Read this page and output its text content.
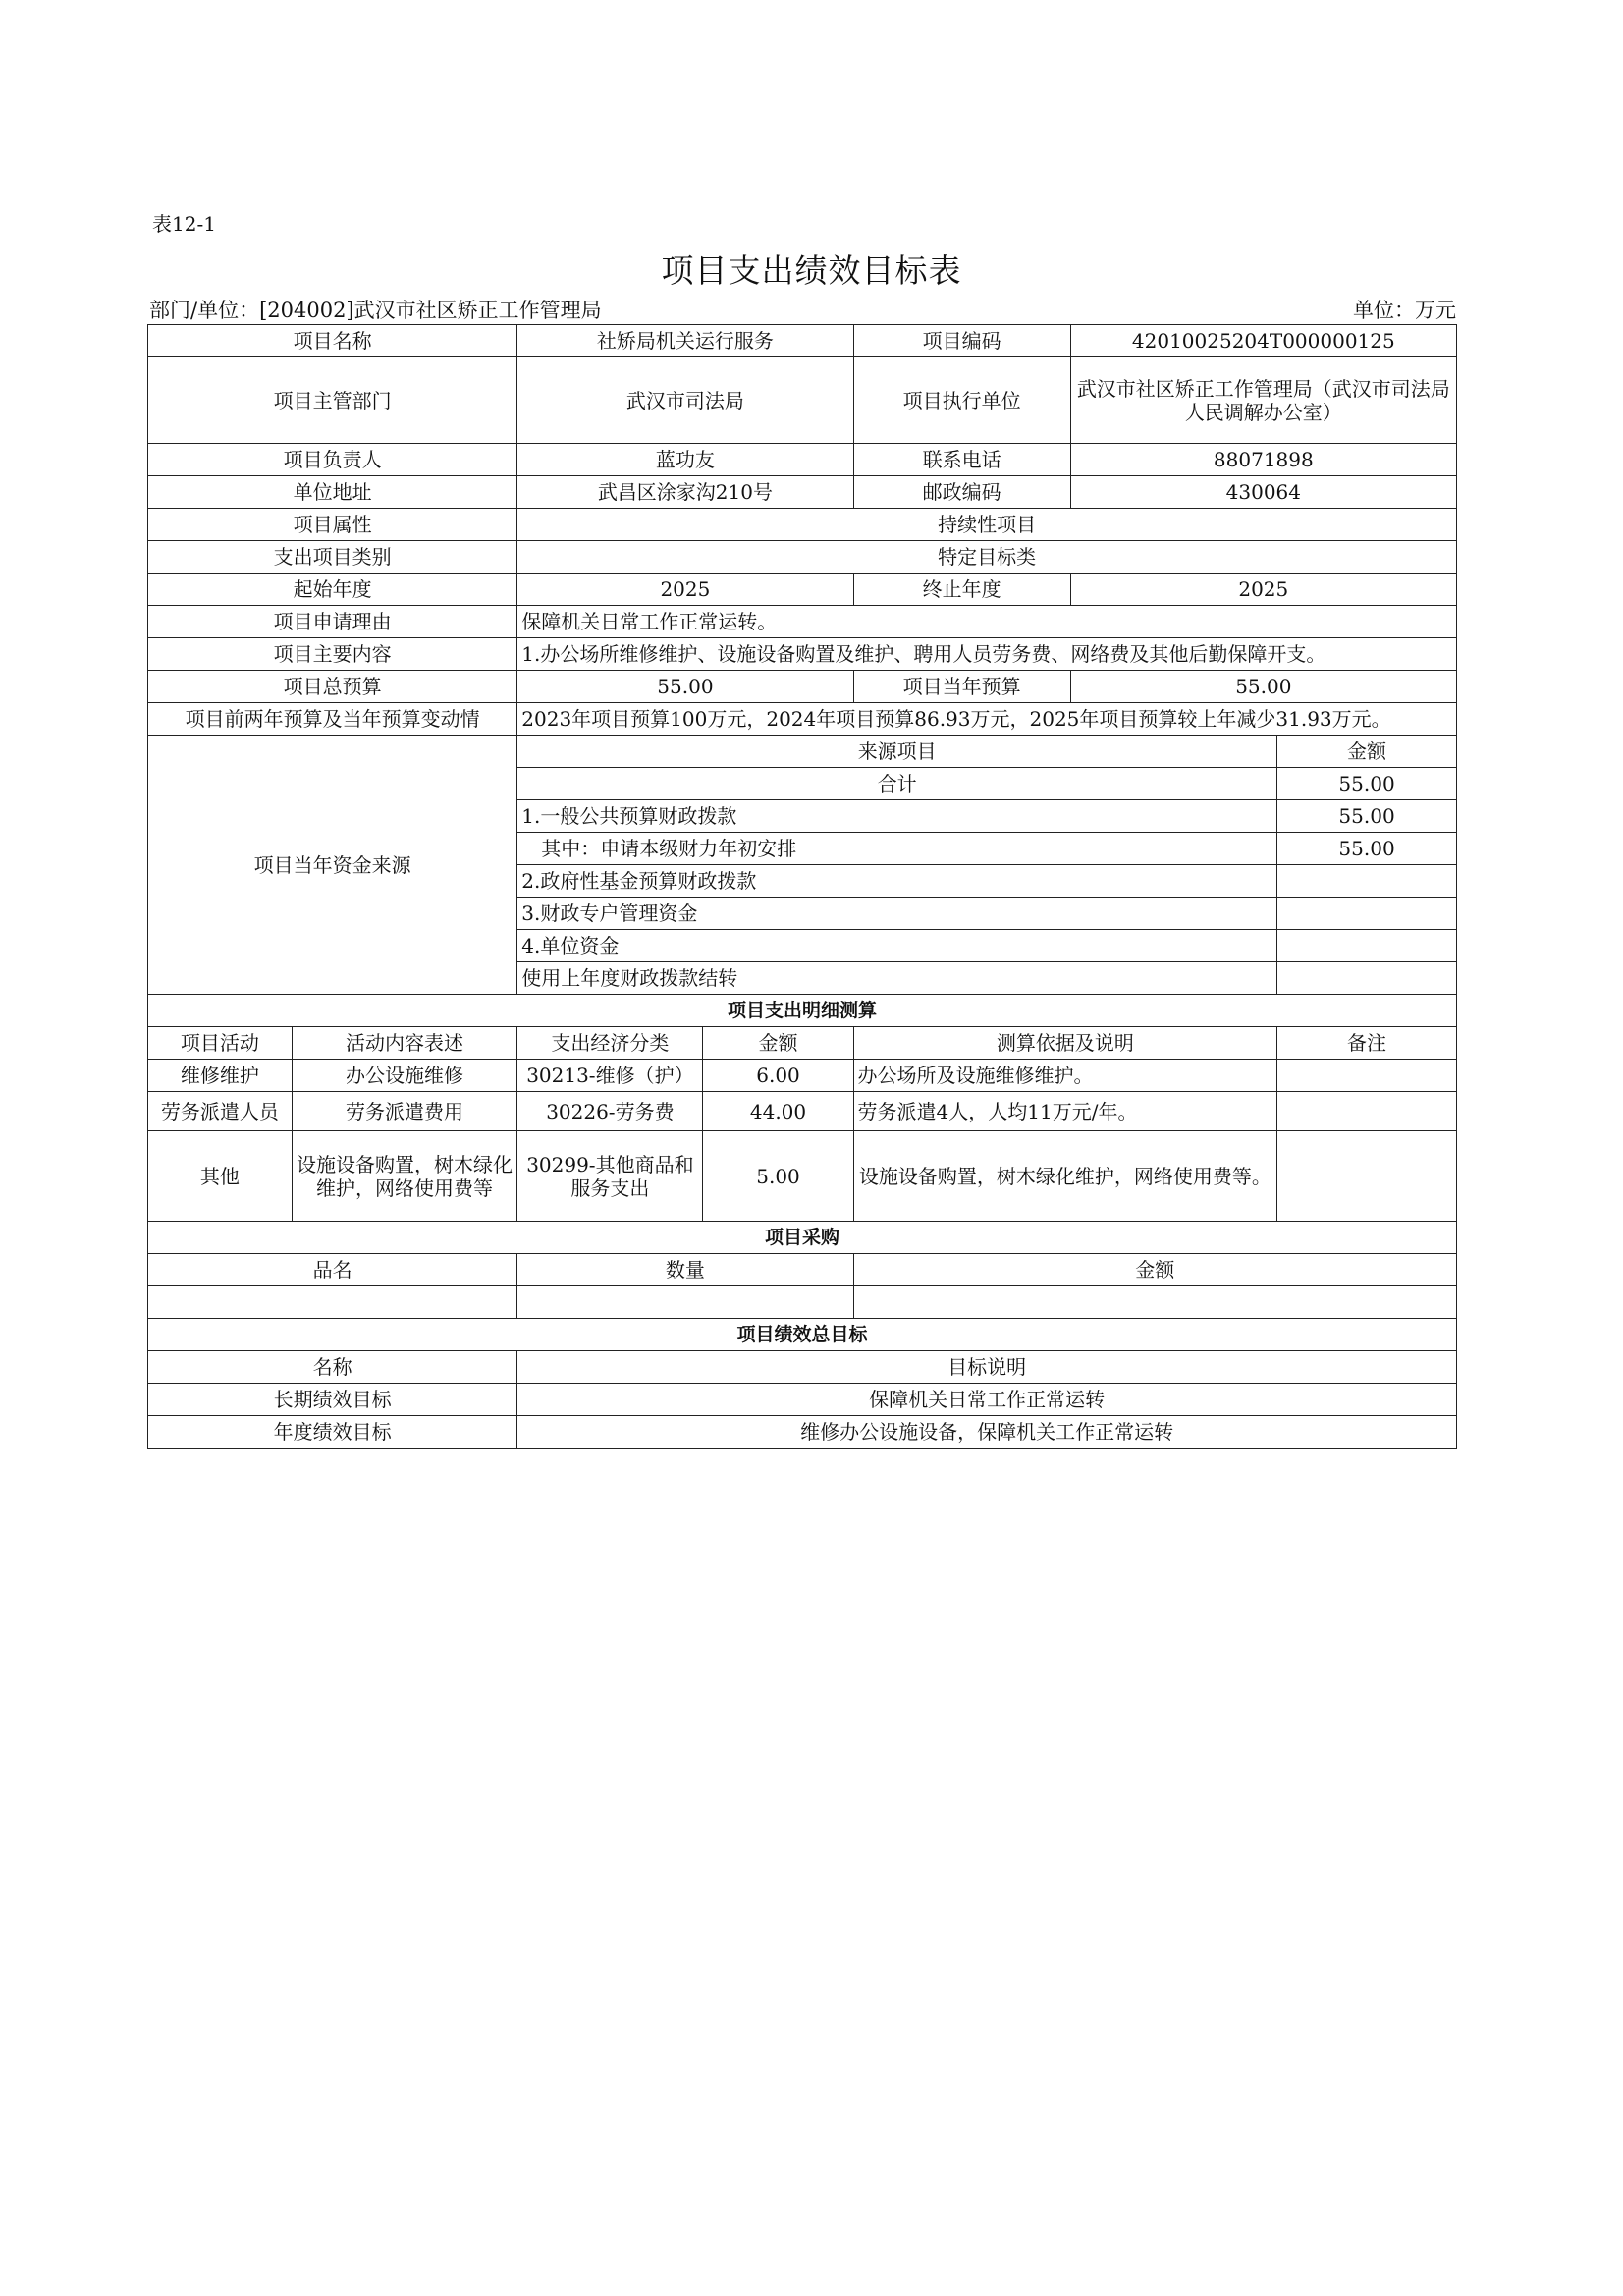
表12-1
项目支出绩效目标表
部门/单位：[204002]武汉市社区矫正工作管理局	单位：万元
项目名称		社矫局机关运行服务		项目编码	42010025204T000000125	
项目主管部门		武汉市司法局		项目执行单位	武汉市社区矫正工作管理局（武汉市司法局人民调解办公室）	
项目负责人		蓝功友		联系电话	88071898	
单位地址		武昌区涂家沟210号		邮政编码	430064	
项目属性		持续性项目				
支出项目类别		特定目标类				
起始年度		2025		终止年度	2025	
项目申请理由		保障机关日常工作正常运转。				
项目主要内容		1.办公场所维修维护、设施设备购置及维护、聘用人员劳务费、网络费及其他后勤保障开支。				
项目总预算		55.00		项目当年预算	55.00	
项目前两年预算及当年预算变动情		2023年项目预算100万元，2024年项目预算86.93万元，2025年项目预算较上年减少31.93万元。				
项目当年资金来源		来源项目				金额
		合计				55.00
		1.一般公共预算财政拨款				55.00
		　其中：申请本级财力年初安排				55.00
		2.政府性基金预算财政拨款				
		3.财政专户管理资金				
		4.单位资金				
		使用上年度财政拨款结转				
项目支出明细测算						
项目活动	活动内容表述	支出经济分类	金额	测算依据及说明		备注
维修维护	办公设施维修	30213-维修（护）	6.00	办公场所及设施维修维护。		
劳务派遣人员	劳务派遣费用	30226-劳务费	44.00	劳务派遣4人，人均11万元/年。		
其他	设施设备购置，树木绿化维护，网络使用费等	30299-其他商品和服务支出	5.00	设施设备购置，树木绿化维护，网络使用费等。		
项目采购						
品名		数量		金额		

项目绩效总目标						
名称		目标说明				
长期绩效目标		保障机关日常工作正常运转				
年度绩效目标		维修办公设施设备，保障机关工作正常运转				
